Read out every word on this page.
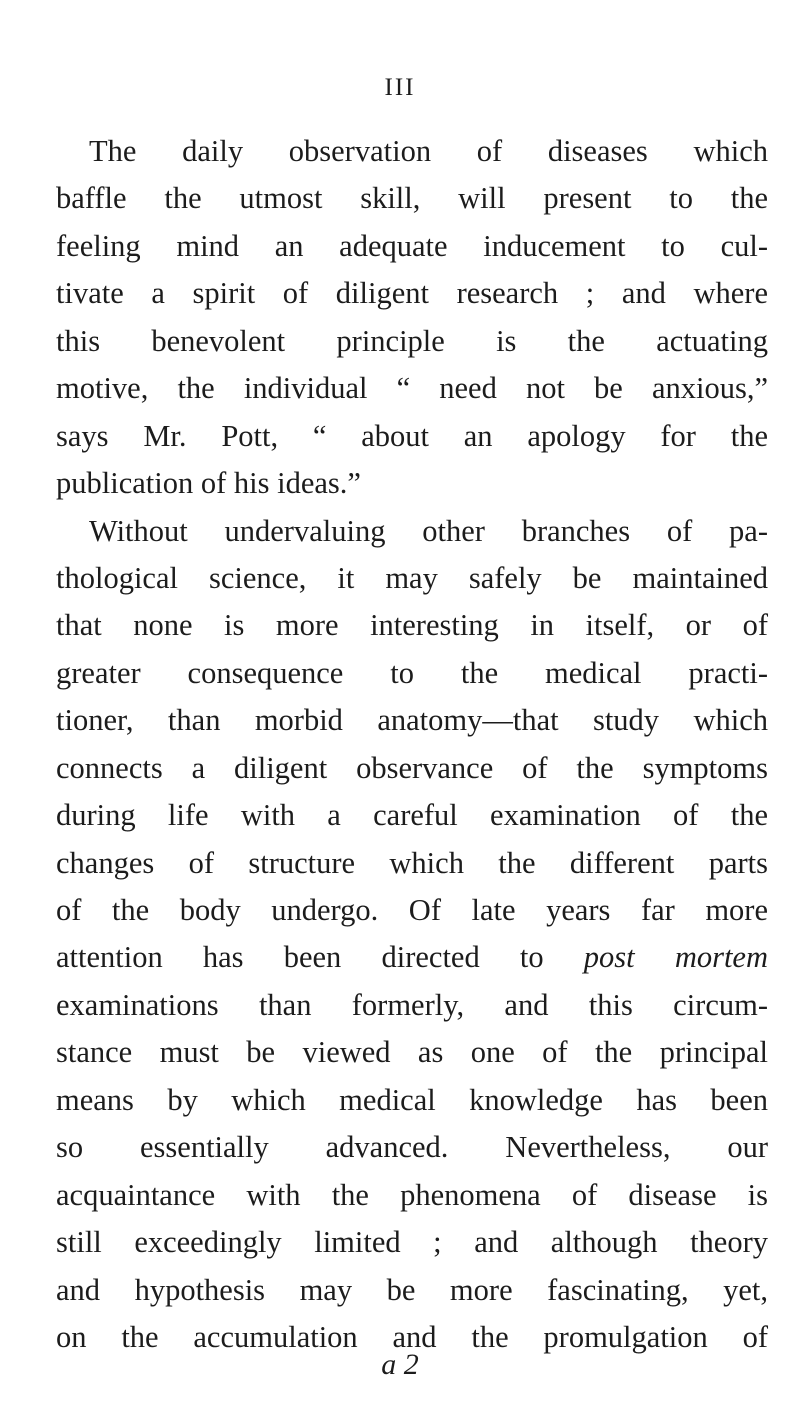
III
The daily observation of diseases which
baffle the utmost skill, will present to the
feeling mind an adequate inducement to cul-
tivate a spirit of diligent research ; and where
this benevolent principle is the actuating
motive, the individual “ need not be anxious,”
says Mr. Pott, “ about an apology for the
publication of his ideas.”
Without undervaluing other branches of pa-
thological science, it may safely be maintained
that none is more interesting in itself, or of
greater consequence to the medical practi-
tioner, than morbid anatomy—that study which
connects a diligent observance of the symptoms
during life with a careful examination of the
changes of structure which the different parts
of the body undergo. Of late years far more
attention has been directed to post mortem
examinations than formerly, and this circum-
stance must be viewed as one of the principal
means by which medical knowledge has been
so essentially advanced. Nevertheless, our
acquaintance with the phenomena of disease is
still exceedingly limited ; and although theory
and hypothesis may be more fascinating, yet,
on the accumulation and the promulgation of
a 2
